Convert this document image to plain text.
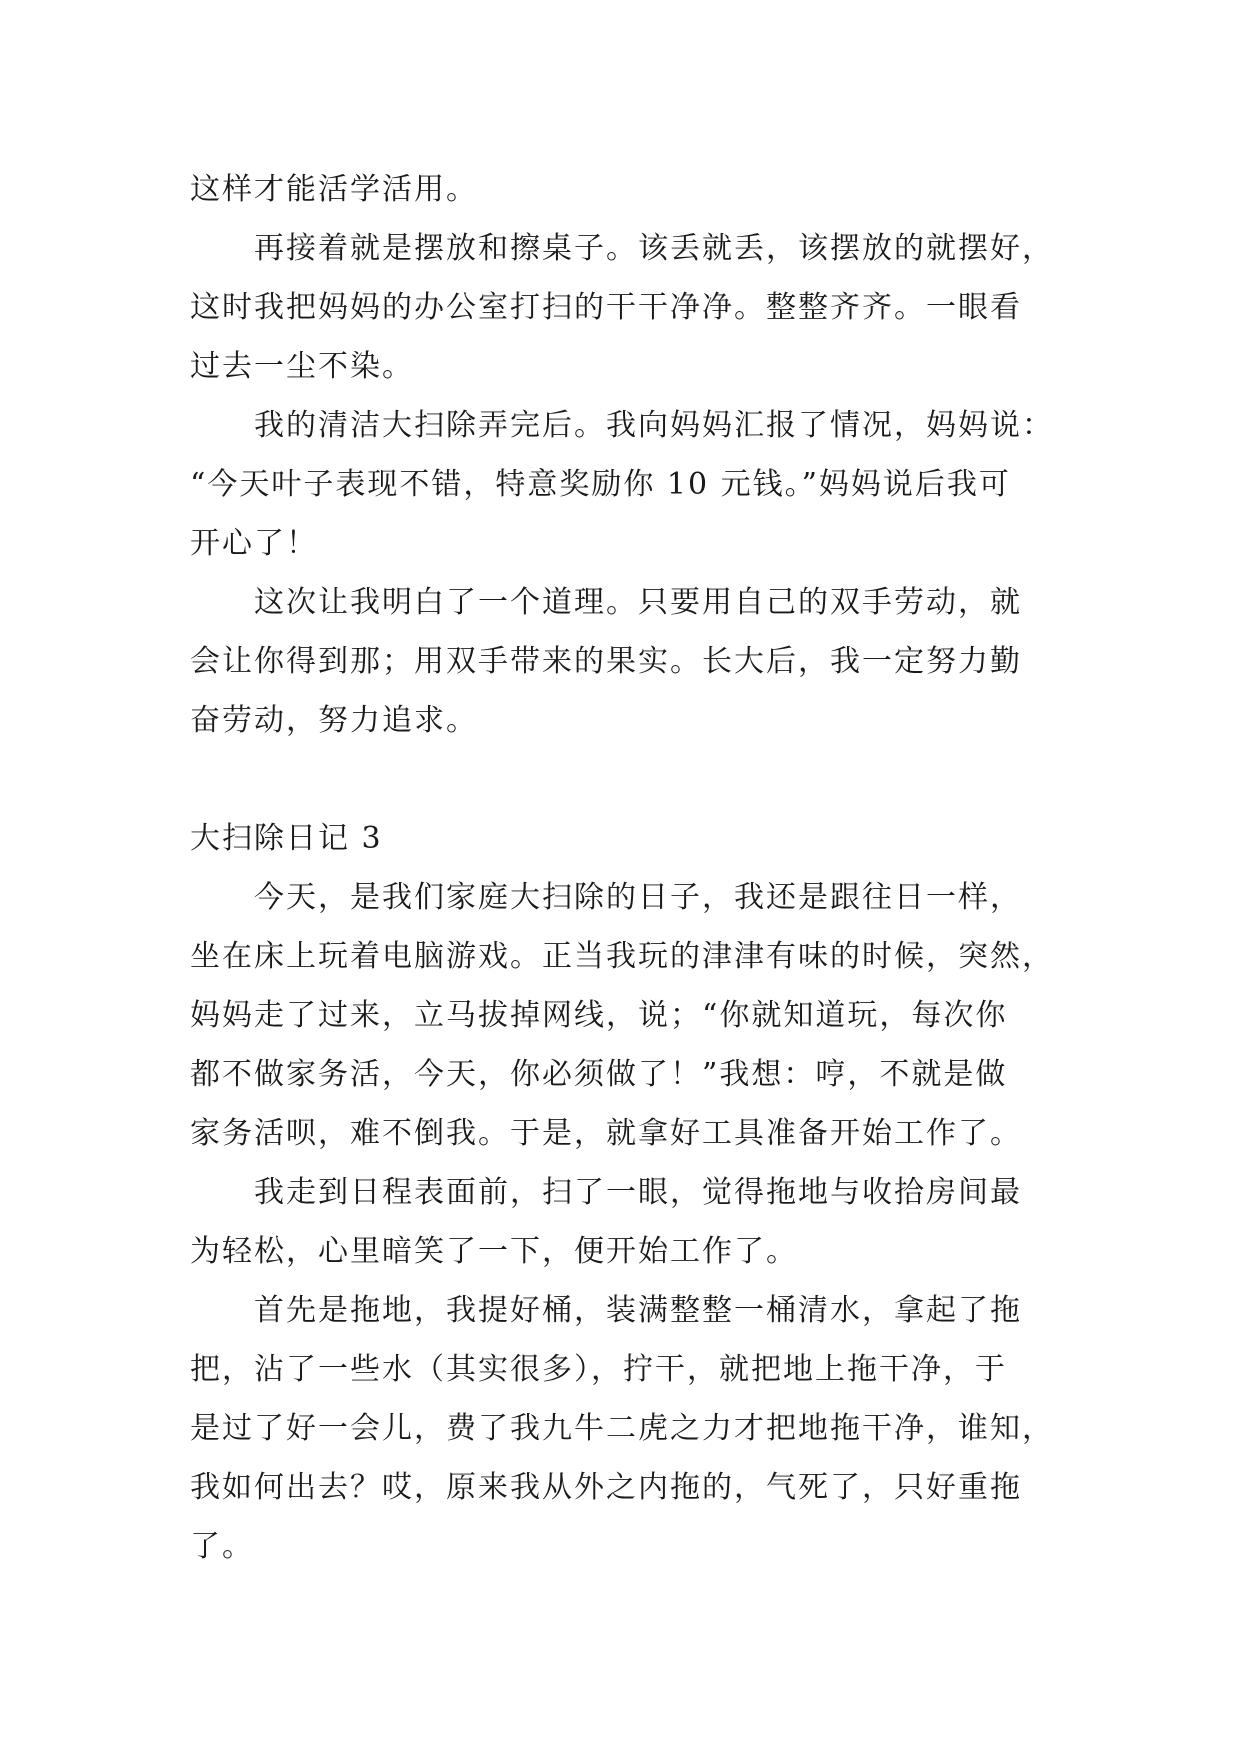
这样才能活学活用。
再接着就是摆放和擦桌子。该丢就丢，该摆放的就摆好，
这时我把妈妈的办公室打扫的干干净净。整整齐齐。一眼看
过去一尘不染。
我的清洁大扫除弄完后。我向妈妈汇报了情况，妈妈说：
“今天叶子表现不错，特意奖励你 10 元钱。”妈妈说后我可
开心了！
这次让我明白了一个道理。只要用自己的双手劳动，就
会让你得到那；用双手带来的果实。长大后，我一定努力勤
奋劳动，努力追求。
大扫除日记 3
今天，是我们家庭大扫除的日子，我还是跟往日一样，
坐在床上玩着电脑游戏。正当我玩的津津有味的时候，突然，
妈妈走了过来，立马拔掉网线，说；“你就知道玩，每次你
都不做家务活，今天，你必须做了！”我想：哼，不就是做
家务活呗，难不倒我。于是，就拿好工具准备开始工作了。
我走到日程表面前，扫了一眼，觉得拖地与收拾房间最
为轻松，心里暗笑了一下，便开始工作了。
首先是拖地，我提好桶，装满整整一桶清水，拿起了拖
把，沾了一些水（其实很多），拧干，就把地上拖干净，于
是过了好一会儿，费了我九牛二虎之力才把地拖干净，谁知，
我如何出去？哎，原来我从外之内拖的，气死了，只好重拖
了。
